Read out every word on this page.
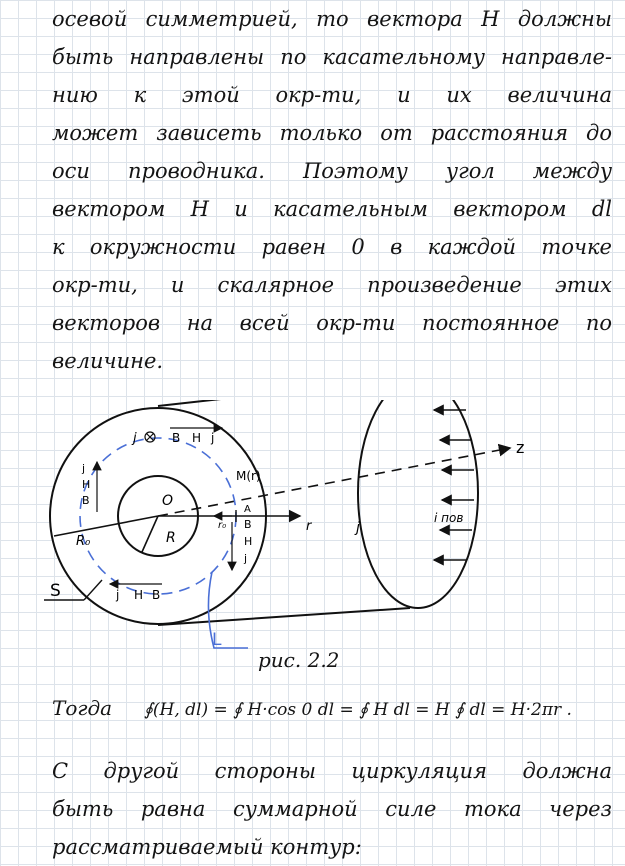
осевой симметрией, то вектора H должны
быть направлены по касательному направле-
нию к этой окр-ти, и их величина
может зависеть только от расстояния до
оси проводника. Поэтому угол между
вектором H и касательным вектором dl
к окружности равен 0 в каждой точке
окр-ти, и скалярное произведение этих
векторов на всей окр-ти постоянное по
величине.
z
L
O
R
R₀
M(r)
S
r	j
i пов
j	B H j
j
H
B
A
B
H
j
r₀
j H B
рис. 2.2
Тогда ∮(H, dl) = ∮ H·cos 0 dl = ∮ H dl = H ∮ dl = H·2πr .
С другой стороны циркуляция должна
быть равна суммарной силе тока через
рассматриваемый контур:
